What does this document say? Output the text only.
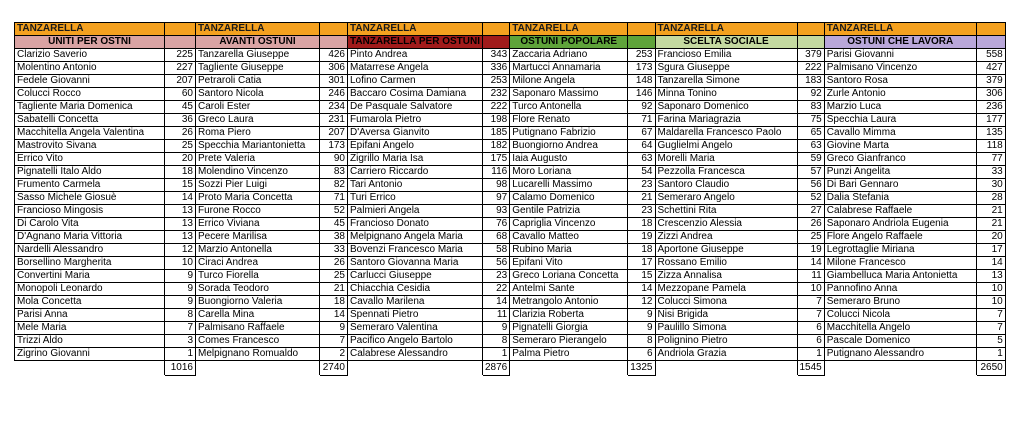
TANZARELLA		TANZARELLA		TANZARELLA		TANZARELLA		TANZARELLA		TANZARELLA	
UNITI PER OSTNI		AVANTI OSTUNI		TANZARELLA PER OSTUNI		OSTUNI POPOLARE		SCELTA SOCIALE		OSTUNI CHE LAVORA	
Clarizio Saverio	225	Tanzarella Giuseppe	426	Pinto Andrea	343	Zaccaria Adriano	253	Francioso Emilia	379	Parisi Giovanni	558
Molentino Antonio	227	Tagliente Giuseppe	306	Matarrese Angela	336	Martucci Annamaria	173	Sgura Giuseppe	222	Palmisano Vincenzo	427
Fedele Giovanni	207	Petraroli Catia	301	Lofino Carmen	253	Milone Angela	148	Tanzarella Simone	183	Santoro Rosa	379
Colucci Rocco	60	Santoro Nicola	246	Baccaro Cosima Damiana	232	Saponaro Massimo	146	Minna Tonino	92	Zurle Antonio	306
Tagliente Maria Domenica	45	Caroli Ester	234	De Pasquale Salvatore	222	Turco Antonella	92	Saponaro Domenico	83	Marzio Luca	236
Sabatelli Concetta	36	Greco Laura	231	Fumarola Pietro	198	Flore Renato	71	Farina Mariagrazia	75	Specchia Laura	177
Macchitella Angela Valentina	26	Roma Piero	207	D'Aversa Gianvito	185	Putignano Fabrizio	67	Maldarella Francesco Paolo	65	Cavallo Mimma	135
Mastrovito Sivana	25	Specchia Mariantonietta	173	Epifani Angelo	182	Buongiorno Andrea	64	Guglielmi Angelo	63	Giovine Marta	118
Errico Vito	20	Prete Valeria	90	Zigrillo Maria Isa	175	Iaia Augusto	63	Morelli Maria	59	Greco Gianfranco	77
Pignatelli Italo Aldo	18	Molendino Vincenzo	83	Carriero Riccardo	116	Moro Loriana	54	Pezzolla Francesca	57	Punzi Angelita	33
Frumento Carmela	15	Sozzi Pier Luigi	82	Tari Antonio	98	Lucarelli Massimo	23	Santoro Claudio	56	Di Bari Gennaro	30
Sasso Michele Giosuè	14	Proto Maria Concetta	71	Turi Errico	97	Calamo Domenico	21	Semeraro Angelo	52	Dalia Stefania	28
Francioso Mingosis	13	Furone Rocco	52	Palmieri Angela	93	Gentile Patrizia	23	Schettini Rita	27	Calabrese Raffaele	21
Di Carolo Vita	13	Errico Viviana	45	Francioso Donato	76	Capriglia Vincenzo	18	Crescenzio Alessia	26	Saponaro Andriola Eugenia	21
D'Agnano Maria Vittoria	13	Pecere Marilisa	38	Melpignano Angela Maria	68	Cavallo Matteo	19	Zizzi Andrea	25	Flore Angelo Raffaele	20
Nardelli Alessandro	12	Marzio Antonella	33	Bovenzi Francesco Maria	58	Rubino Maria	18	Aportone Giuseppe	19	Legrottaglie Miriana	17
Borsellino Margherita	10	Ciraci Andrea	26	Santoro Giovanna Maria	56	Epifani Vito	17	Rossano Emilio	14	Milone Francesco	14
Convertini Maria	9	Turco Fiorella	25	Carlucci Giuseppe	23	Greco Loriana Concetta	15	Zizza Annalisa	11	Giambelluca Maria Antonietta	13
Monopoli Leonardo	9	Sorada Teodoro	21	Chiacchia Cesidia	22	Antelmi Sante	14	Mezzopane Pamela	10	Pannofino Anna	10
Mola Concetta	9	Buongiorno Valeria	18	Cavallo Marilena	14	Metrangolo Antonio	12	Colucci Simona	7	Semeraro Bruno	10
Parisi Anna	8	Carella Mina	14	Spennati Pietro	11	Clarizia Roberta	9	Nisi Brigida	7	Colucci Nicola	7
Mele Maria	7	Palmisano Raffaele	9	Semeraro Valentina	9	Pignatelli Giorgia	9	Paulillo Simona	6	Macchitella Angelo	7
Trizzi Aldo	3	Comes Francesco	7	Pacifico Angelo Bartolo	8	Semeraro Pierangelo	8	Polignino Pietro	6	Pascale Domenico	5
Zigrino Giovanni	1	Melpignano Romualdo	2	Calabrese Alessandro	1	Palma Pietro	6	Andriola Grazia	1	Putignano Alessandro	1
	1016		2740		2876		1325		1545		2650
